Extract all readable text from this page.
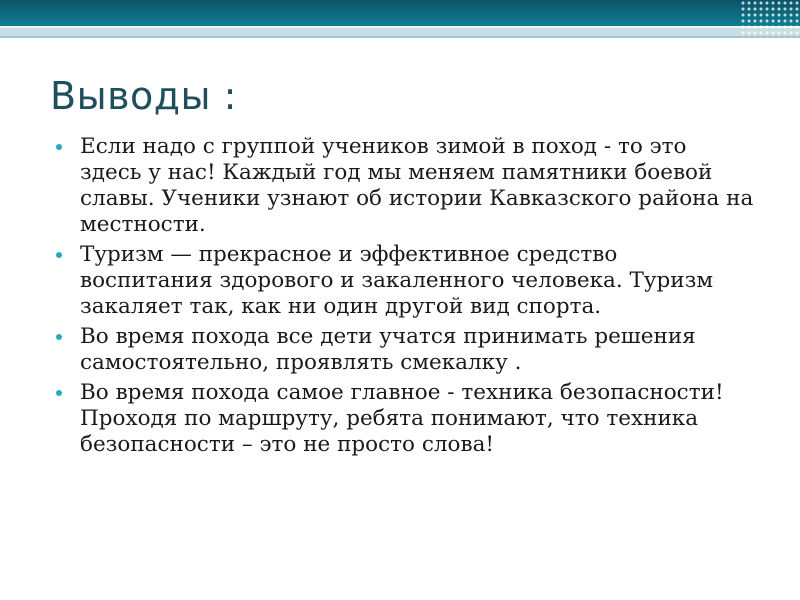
Выводы :
Если надо с группой учеников зимой в поход - то это здесь у нас! Каждый год мы меняем памятники боевой славы. Ученики узнают об истории Кавказского района на местности.
Туризм — прекрасное и эффективное средство воспитания здорового и закаленного человека. Туризм закаляет так, как ни один другой вид спорта.
Во время похода все дети учатся принимать решения самостоятельно, проявлять смекалку .
Во время похода самое главное - техника безопасности! Проходя по маршруту, ребята понимают, что техника безопасности – это не просто слова!
